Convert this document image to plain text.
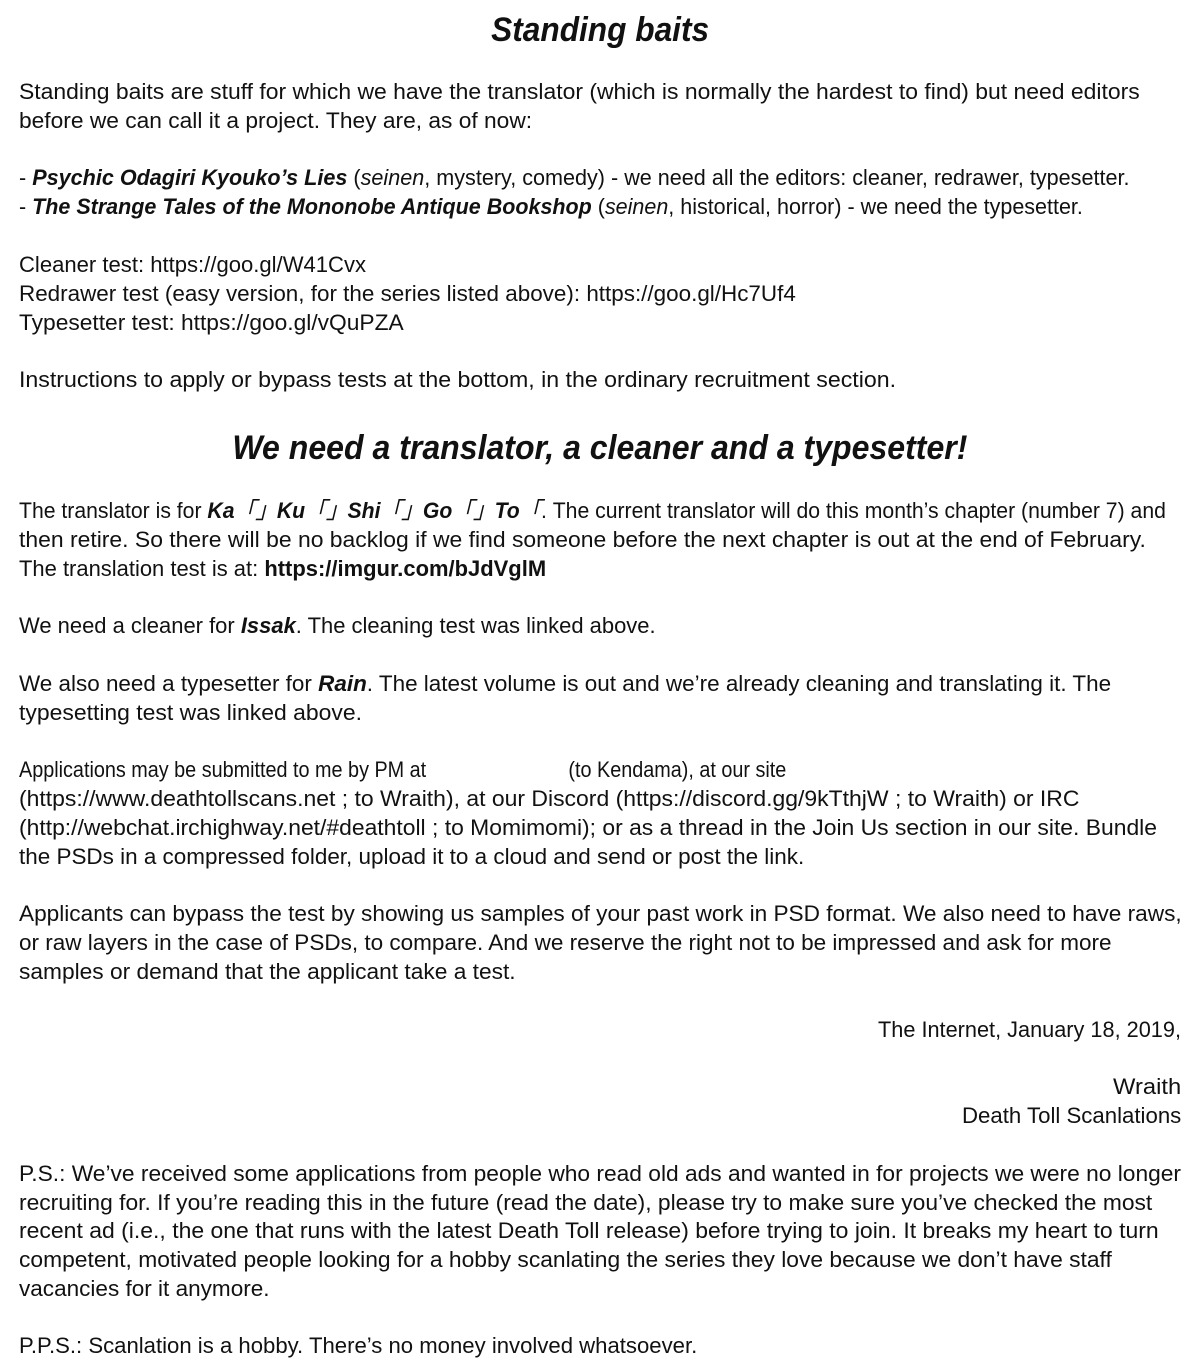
Standing baits
Standing baits are stuff for which we have the translator (which is normally the hardest to find) but need editors
before we can call it a project. They are, as of now:
- Psychic Odagiri Kyouko’s Lies (seinen, mystery, comedy) - we need all the editors: cleaner, redrawer, typesetter.
- The Strange Tales of the Mononobe Antique Bookshop (seinen, historical, horror) - we need the typesetter.
Cleaner test: https://goo.gl/W41Cvx
Redrawer test (easy version, for the series listed above): https://goo.gl/Hc7Uf4
Typesetter test: https://goo.gl/vQuPZA
Instructions to apply or bypass tests at the bottom, in the ordinary recruitment section.
We need a translator, a cleaner and a typesetter!
The translator is for Ka「」Ku「」Shi「」Go「」To「. The current translator will do this month’s chapter (number 7) and
then retire. So there will be no backlog if we find someone before the next chapter is out at the end of February.
The translation test is at: https://imgur.com/bJdVglM
We need a cleaner for Issak. The cleaning test was linked above.
We also need a typesetter for Rain. The latest volume is out and we’re already cleaning and translating it. The
typesetting test was linked above.
Applications may be submitted to me by PM at	(to Kendama), at our site
(https://www.deathtollscans.net ; to Wraith), at our Discord (https://discord.gg/9kTthjW ; to Wraith) or IRC
(http://webchat.irchighway.net/#deathtoll ; to Momimomi); or as a thread in the Join Us section in our site. Bundle
the PSDs in a compressed folder, upload it to a cloud and send or post the link.
Applicants can bypass the test by showing us samples of your past work in PSD format. We also need to have raws,
or raw layers in the case of PSDs, to compare. And we reserve the right not to be impressed and ask for more
samples or demand that the applicant take a test.
The Internet, January 18, 2019,
Wraith
Death Toll Scanlations
P.S.: We’ve received some applications from people who read old ads and wanted in for projects we were no longer
recruiting for. If you’re reading this in the future (read the date), please try to make sure you’ve checked the most
recent ad (i.e., the one that runs with the latest Death Toll release) before trying to join. It breaks my heart to turn
competent, motivated people looking for a hobby scanlating the series they love because we don’t have staff
vacancies for it anymore.
P.P.S.: Scanlation is a hobby. There’s no money involved whatsoever.
